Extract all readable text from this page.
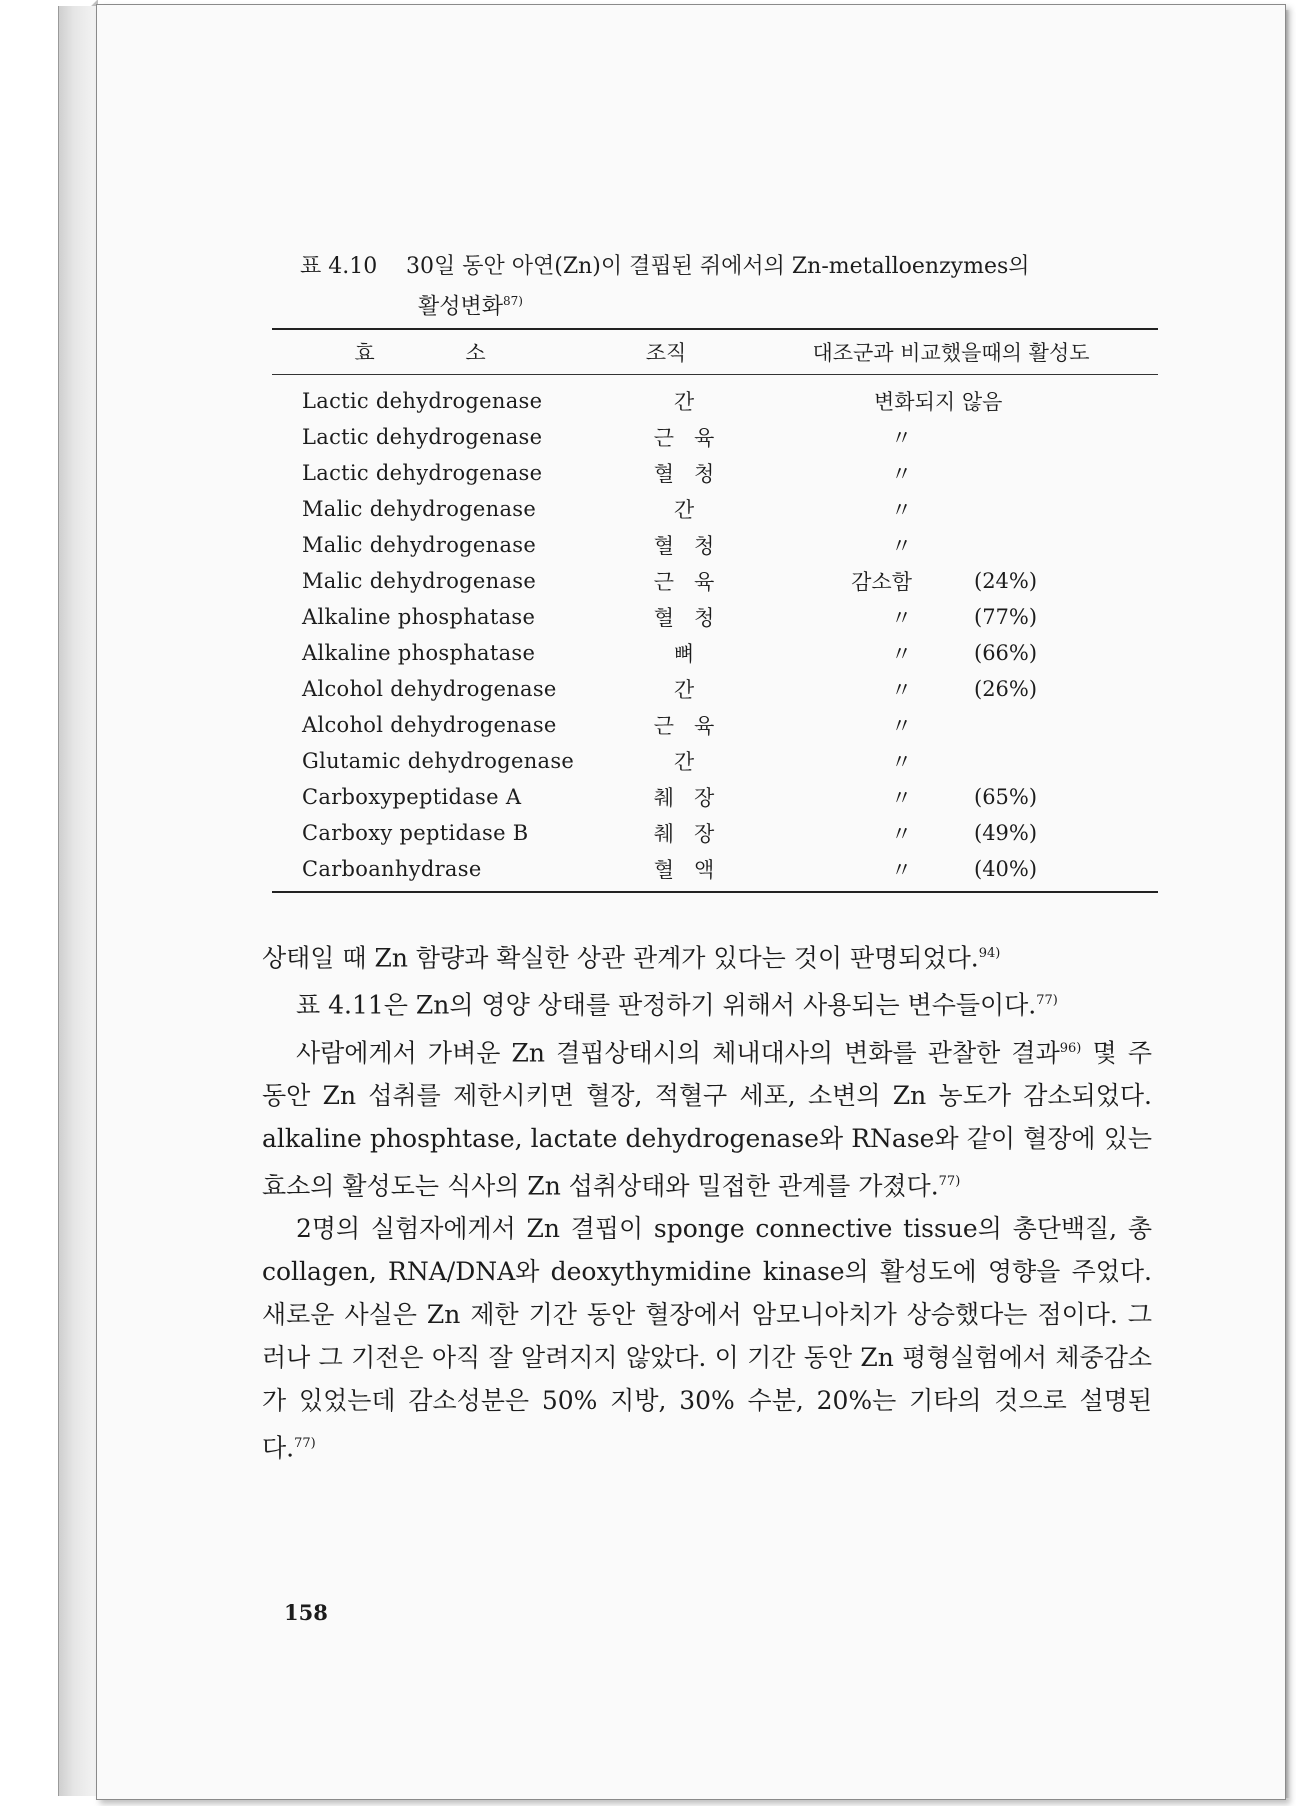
표 4.10 30일 동안 아연(Zn)이 결핍된 쥐에서의 Zn-metalloenzymes의
활성변화$^{87)}$
효 소	조직	대조군과 비교했을때의 활성도
Lactic dehydrogenase	간	변화되지 않음
Lactic dehydrogenase	근육	〃
Lactic dehydrogenase	혈청	〃
Malic dehydrogenase	간	〃
Malic dehydrogenase	혈청	〃
Malic dehydrogenase	근육	감소함	(24%)
Alkaline phosphatase	혈청	〃	(77%)
Alkaline phosphatase	뼈	〃	(66%)
Alcohol dehydrogenase	간	〃	(26%)
Alcohol dehydrogenase	근육	〃
Glutamic dehydrogenase	간	〃
Carboxypeptidase A	췌장	〃	(65%)
Carboxy peptidase B	췌장	〃	(49%)
Carboanhydrase	혈액	〃	(40%)

상태일 때 Zn 함량과 확실한 상관 관계가 있다는 것이 판명되었다.$^{94)}$

표 4.11은 Zn의 영양 상태를 판정하기 위해서 사용되는 변수들이다.$^{77)}$

사람에게서 가벼운 Zn 결핍상태시의 체내대사의 변화를 관찰한 결과$^{96)}$ 몇 주 동안 Zn 섭취를 제한시키면 혈장, 적혈구 세포, 소변의 Zn 농도가 감소되었다. alkaline phosphtase, lactate dehydrogenase와 RNase와 같이 혈장에 있는 효소의 활성도는 식사의 Zn 섭취상태와 밀접한 관계를 가졌다.$^{77)}$

2명의 실험자에게서 Zn 결핍이 sponge connective tissue의 총단백질, 총 collagen, RNA/DNA와 deoxythymidine kinase의 활성도에 영향을 주었다. 새로운 사실은 Zn 제한 기간 동안 혈장에서 암모니아치가 상승했다는 점이다. 그러나 그 기전은 아직 잘 알려지지 않았다. 이 기간 동안 Zn 평형실험에서 체중감소가 있었는데 감소성분은 50% 지방, 30% 수분, 20%는 기타의 것으로 설명된다.$^{77)}$

158
